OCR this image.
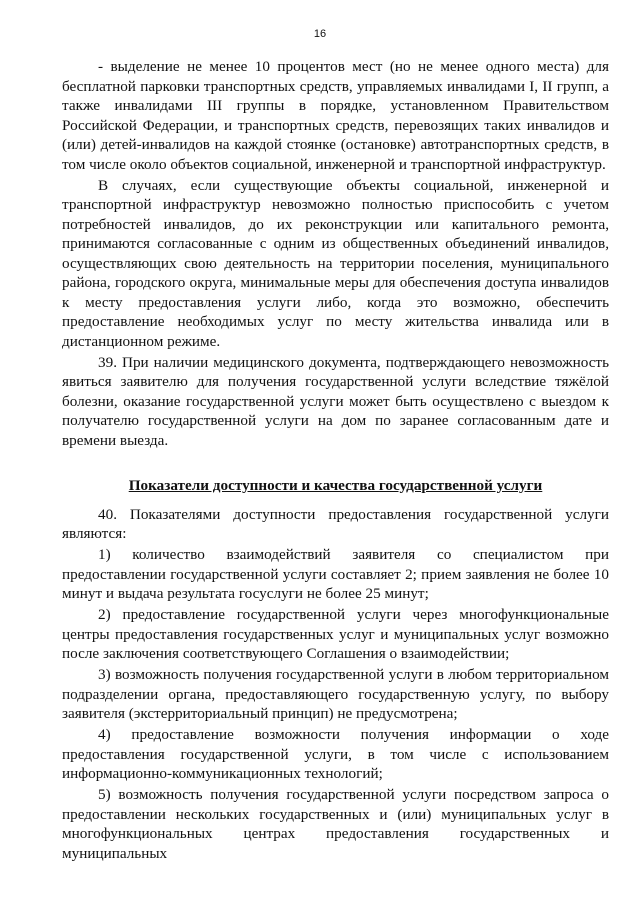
16

- выделение не менее 10 процентов мест (но не менее одного места) для бесплатной парковки транспортных средств, управляемых инвалидами I, II групп, а также инвалидами III группы в порядке, установленном Правительством Российской Федерации, и транспортных средств, перевозящих таких инвалидов и (или) детей-инвалидов на каждой стоянке (остановке) автотранспортных средств, в том числе около объектов социальной, инженерной и транспортной инфраструктур.

В случаях, если существующие объекты социальной, инженерной и транспортной инфраструктур невозможно полностью приспособить с учетом потребностей инвалидов, до их реконструкции или капитального ремонта, принимаются согласованные с одним из общественных объединений инвалидов, осуществляющих свою деятельность на территории поселения, муниципального района, городского округа, минимальные меры для обеспечения доступа инвалидов к месту предоставления услуги либо, когда это возможно, обеспечить предоставление необходимых услуг по месту жительства инвалида или в дистанционном режиме.

39. При наличии медицинского документа, подтверждающего невозможность явиться заявителю для получения государственной услуги вследствие тяжёлой болезни, оказание государственной услуги может быть осуществлено с выездом к получателю государственной услуги на дом по заранее согласованным дате и времени выезда.

Показатели доступности и качества государственной услуги

40. Показателями доступности предоставления государственной услуги являются:

1) количество взаимодействий заявителя со специалистом при предоставлении государственной услуги составляет 2; прием заявления не более 10 минут и выдача результата госуслуги не более 25 минут;

2) предоставление государственной услуги через многофункциональные центры предоставления государственных услуг и муниципальных услуг возможно после заключения соответствующего Соглашения о взаимодействии;

3) возможность получения государственной услуги в любом территориальном подразделении органа, предоставляющего государственную услугу, по выбору заявителя (экстерриториальный принцип) не предусмотрена;

4) предоставление возможности получения информации о ходе предоставления государственной услуги, в том числе с использованием информационно-коммуникационных технологий;

5) возможность получения государственной услуги посредством запроса о предоставлении нескольких государственных и (или) муниципальных услуг в многофункциональных центрах предоставления государственных и муниципальных
